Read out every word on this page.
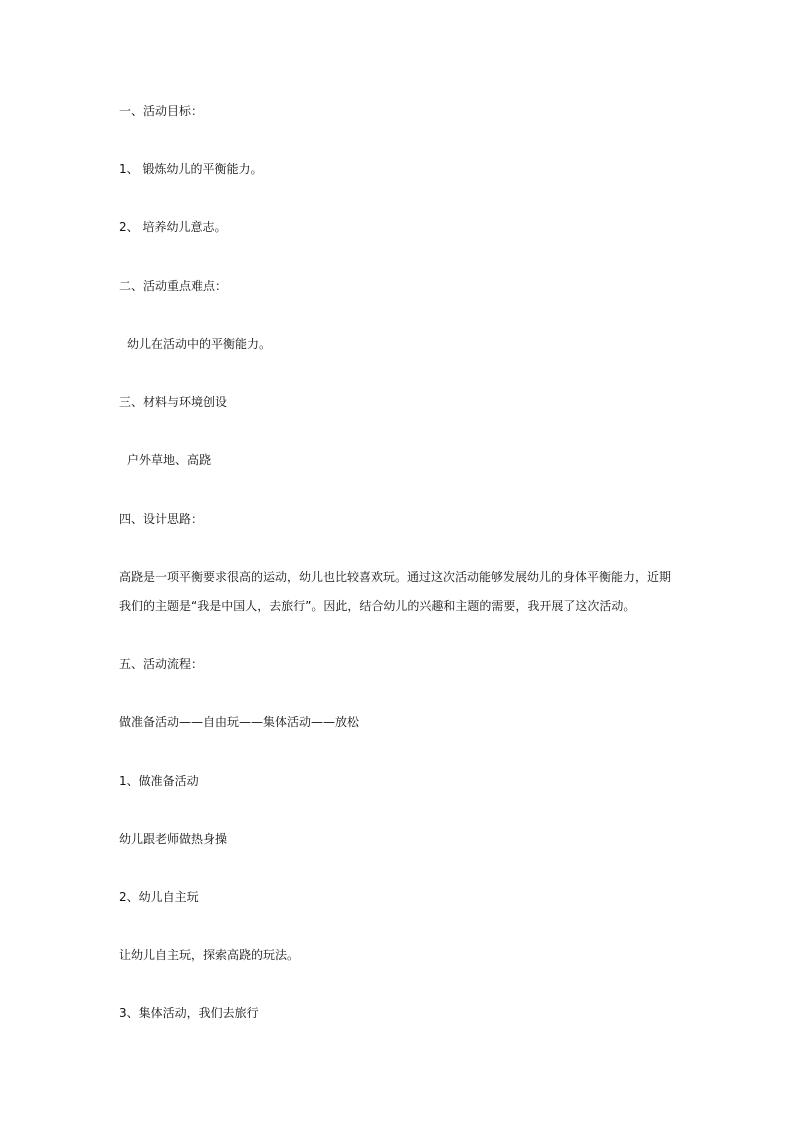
一、活动目标：
1、 锻炼幼儿的平衡能力。
2、 培养幼儿意志。
二、活动重点难点：
幼儿在活动中的平衡能力。
三、材料与环境创设
户外草地、高跷
四、设计思路：
高跷是一项平衡要求很高的运动，幼儿也比较喜欢玩。通过这次活动能够发展幼儿的身体平衡能力，近期
我们的主题是“我是中国人，去旅行”。因此，结合幼儿的兴趣和主题的需要，我开展了这次活动。
五、活动流程：
做准备活动——自由玩——集体活动——放松
1、做准备活动
幼儿跟老师做热身操
2、幼儿自主玩
让幼儿自主玩，探索高跷的玩法。
3、集体活动，我们去旅行
